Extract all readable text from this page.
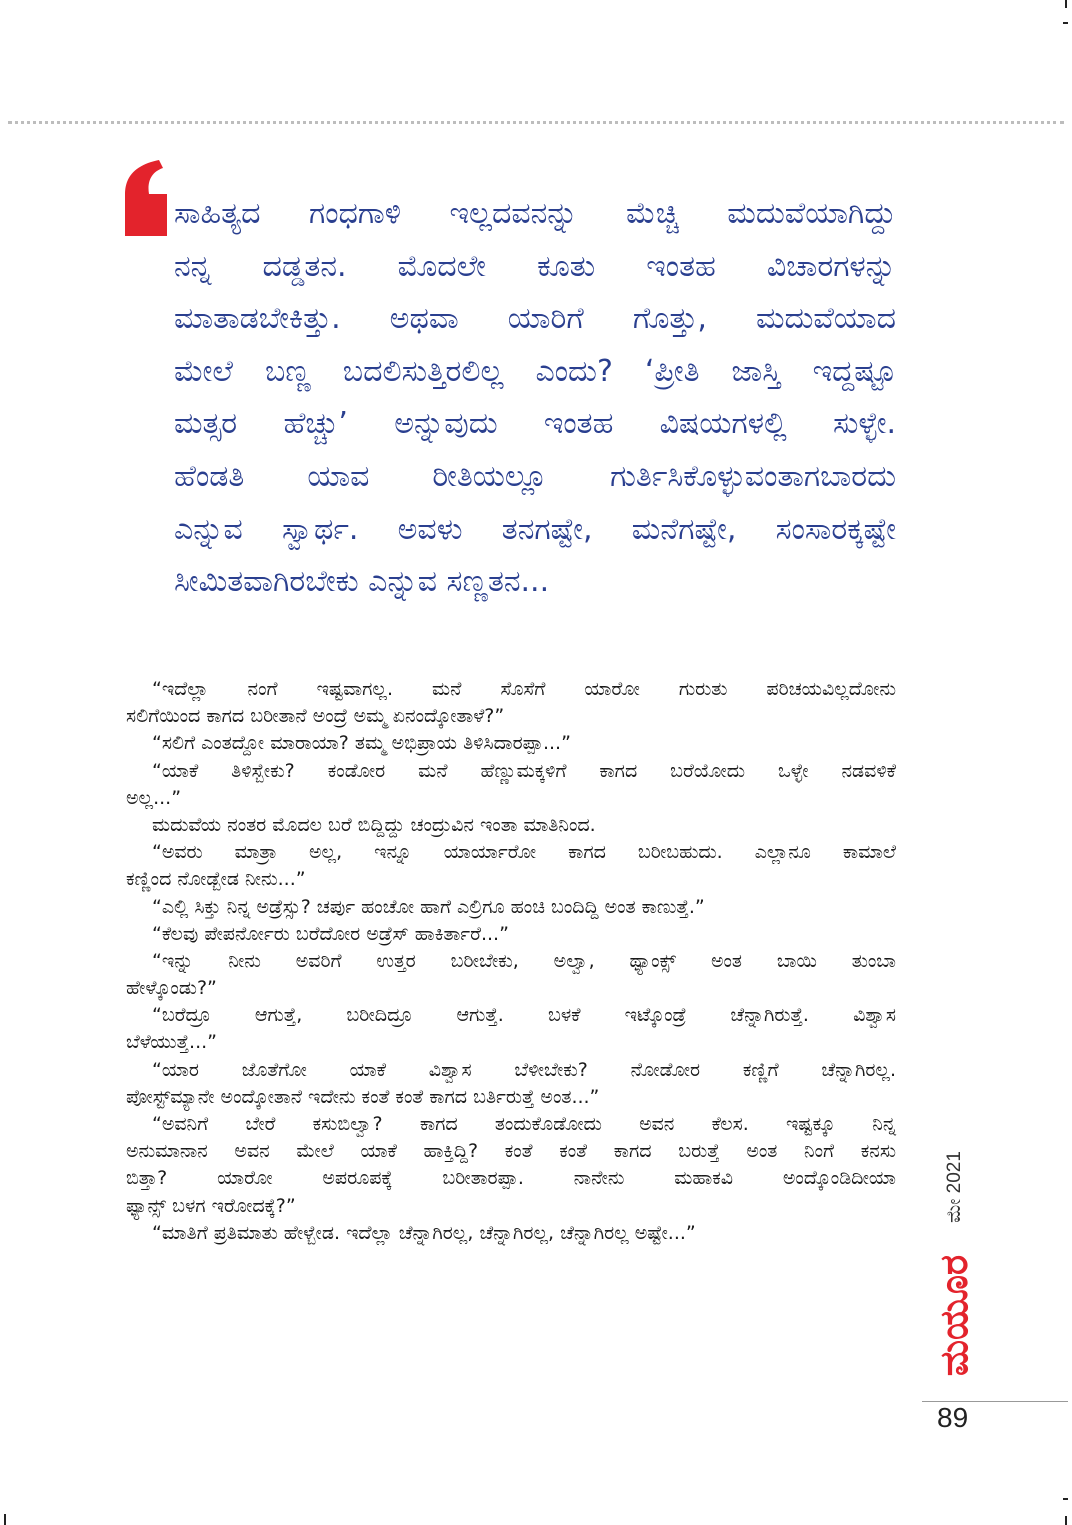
ಸಾಹಿತ್ಯದ ಗಂಧಗಾಳಿ ಇಲ್ಲದವನನ್ನು ಮೆಚ್ಚಿ ಮದುವೆಯಾಗಿದ್ದು
ನನ್ನ ದಡ್ಡತನ. ಮೊದಲೇ ಕೂತು ಇಂತಹ ವಿಚಾರಗಳನ್ನು
ಮಾತಾಡಬೇಕಿತ್ತು. ಅಥವಾ ಯಾರಿಗೆ ಗೊತ್ತು, ಮದುವೆಯಾದ
ಮೇಲೆ ಬಣ್ಣ ಬದಲಿಸುತ್ತಿರಲಿಲ್ಲ ಎಂದು? ‘ಪ್ರೀತಿ ಜಾಸ್ತಿ ಇದ್ದಷ್ಟೂ
ಮತ್ಸರ ಹೆಚ್ಚು’ ಅನ್ನುವುದು ಇಂತಹ ವಿಷಯಗಳಲ್ಲಿ ಸುಳ್ಳೇ.
ಹೆಂಡತಿ ಯಾವ ರೀತಿಯಲ್ಲೂ ಗುರ್ತಿಸಿಕೊಳ್ಳುವಂತಾಗಬಾರದು
ಎನ್ನುವ ಸ್ವಾರ್ಥ. ಅವಳು ತನಗಷ್ಟೇ, ಮನೆಗಷ್ಟೇ, ಸಂಸಾರಕ್ಕಷ್ಟೇ
ಸೀಮಿತವಾಗಿರಬೇಕು ಎನ್ನುವ ಸಣ್ಣತನ...
“ಇದೆಲ್ಲಾ ನಂಗೆ ಇಷ್ಟವಾಗಲ್ಲ. ಮನೆ ಸೊಸೆಗೆ ಯಾರೋ ಗುರುತು ಪರಿಚಯವಿಲ್ಲದೋನು
ಸಲಿಗೆಯಿಂದ ಕಾಗದ ಬರೀತಾನೆ ಅಂದ್ರೆ ಅಮ್ಮ ಏನಂದ್ಕೋತಾಳೆ?”
“ಸಲಿಗೆ ಎಂತದ್ದೋ ಮಾರಾಯಾ? ತಮ್ಮ ಅಭಿಪ್ರಾಯ ತಿಳಿಸಿದಾರಪ್ಪಾ...”
“ಯಾಕೆ ತಿಳಿಸ್ಬೇಕು? ಕಂಡೋರ ಮನೆ ಹೆಣ್ಣುಮಕ್ಕಳಿಗೆ ಕಾಗದ ಬರೆಯೋದು ಒಳ್ಳೇ ನಡವಳಿಕೆ
ಅಲ್ಲ...”
ಮದುವೆಯ ನಂತರ ಮೊದಲ ಬರೆ ಬಿದ್ದಿದ್ದು ಚಂದ್ರುವಿನ ಇಂತಾ ಮಾತಿನಿಂದ.
“ಅವರು ಮಾತ್ರಾ ಅಲ್ಲ, ಇನ್ನೂ ಯಾರ್ಯಾರೋ ಕಾಗದ ಬರೀಬಹುದು. ಎಲ್ಲಾನೂ ಕಾಮಾಲೆ
ಕಣ್ಣಿಂದ ನೋಡ್ಬೇಡ ನೀನು...”
“ಎಲ್ಲಿ ಸಿಕ್ತು ನಿನ್ನ ಅಡ್ರೆಸ್ಸು? ಚರ್ಪು ಹಂಚೋ ಹಾಗೆ ಎಲ್ರಿಗೂ ಹಂಚಿ ಬಂದಿದ್ದಿ ಅಂತ ಕಾಣುತ್ತೆ.”
“ಕೆಲವು ಪೇಪರ್ನೋರು ಬರೆದೋರ ಅಡ್ರೆಸ್ ಹಾಕಿರ್ತಾರೆ...”
“ಇನ್ನು ನೀನು ಅವರಿಗೆ ಉತ್ತರ ಬರೀಬೇಕು, ಅಲ್ವಾ, ಥ್ಯಾಂಕ್ಸ್ ಅಂತ ಬಾಯಿ ತುಂಬಾ
ಹೇಳ್ಕೊಂಡು?”
“ಬರೆದ್ರೂ ಆಗುತ್ತೆ, ಬರೀದಿದ್ರೂ ಆಗುತ್ತೆ. ಬಳಕೆ ಇಟ್ಕೊಂಡ್ರೆ ಚೆನ್ನಾಗಿರುತ್ತೆ. ವಿಶ್ವಾಸ
ಬೆಳೆಯುತ್ತೆ...”
“ಯಾರ ಜೊತೆಗೋ ಯಾಕೆ ವಿಶ್ವಾಸ ಬೆಳೀಬೇಕು? ನೋಡೋರ ಕಣ್ಣಿಗೆ ಚೆನ್ನಾಗಿರಲ್ಲ.
ಪೋಸ್ಟ್‌ಮ್ಯಾನೇ ಅಂದ್ಕೋತಾನೆ ಇದೇನು ಕಂತೆ ಕಂತೆ ಕಾಗದ ಬರ್ತಿರುತ್ತೆ ಅಂತ...”
“ಅವನಿಗೆ ಬೇರೆ ಕಸುಬಿಲ್ವಾ? ಕಾಗದ ತಂದುಕೊಡೋದು ಅವನ ಕೆಲಸ. ಇಷ್ಟಕ್ಕೂ ನಿನ್ನ
ಅನುಮಾನಾನ ಅವನ ಮೇಲೆ ಯಾಕೆ ಹಾಕ್ತಿದ್ದಿ? ಕಂತೆ ಕಂತೆ ಕಾಗದ ಬರುತ್ತೆ ಅಂತ ನಿಂಗೆ ಕನಸು
ಬಿತ್ತಾ? ಯಾರೋ ಅಪರೂಪಕ್ಕೆ ಬರೀತಾರಪ್ಪಾ. ನಾನೇನು ಮಹಾಕವಿ ಅಂದ್ಕೊಂಡಿದೀಯಾ
ಫ್ಯಾನ್ಸ್ ಬಳಗ ಇರೋದಕ್ಕೆ?”
“ಮಾತಿಗೆ ಪ್ರತಿಮಾತು ಹೇಳ್ಬೇಡ. ಇದೆಲ್ಲಾ ಚೆನ್ನಾಗಿರಲ್ಲ, ಚೆನ್ನಾಗಿರಲ್ಲ, ಚೆನ್ನಾಗಿರಲ್ಲ ಅಷ್ಟೇ...”
ಮೇ 2021
ಮಯೂರ
89
